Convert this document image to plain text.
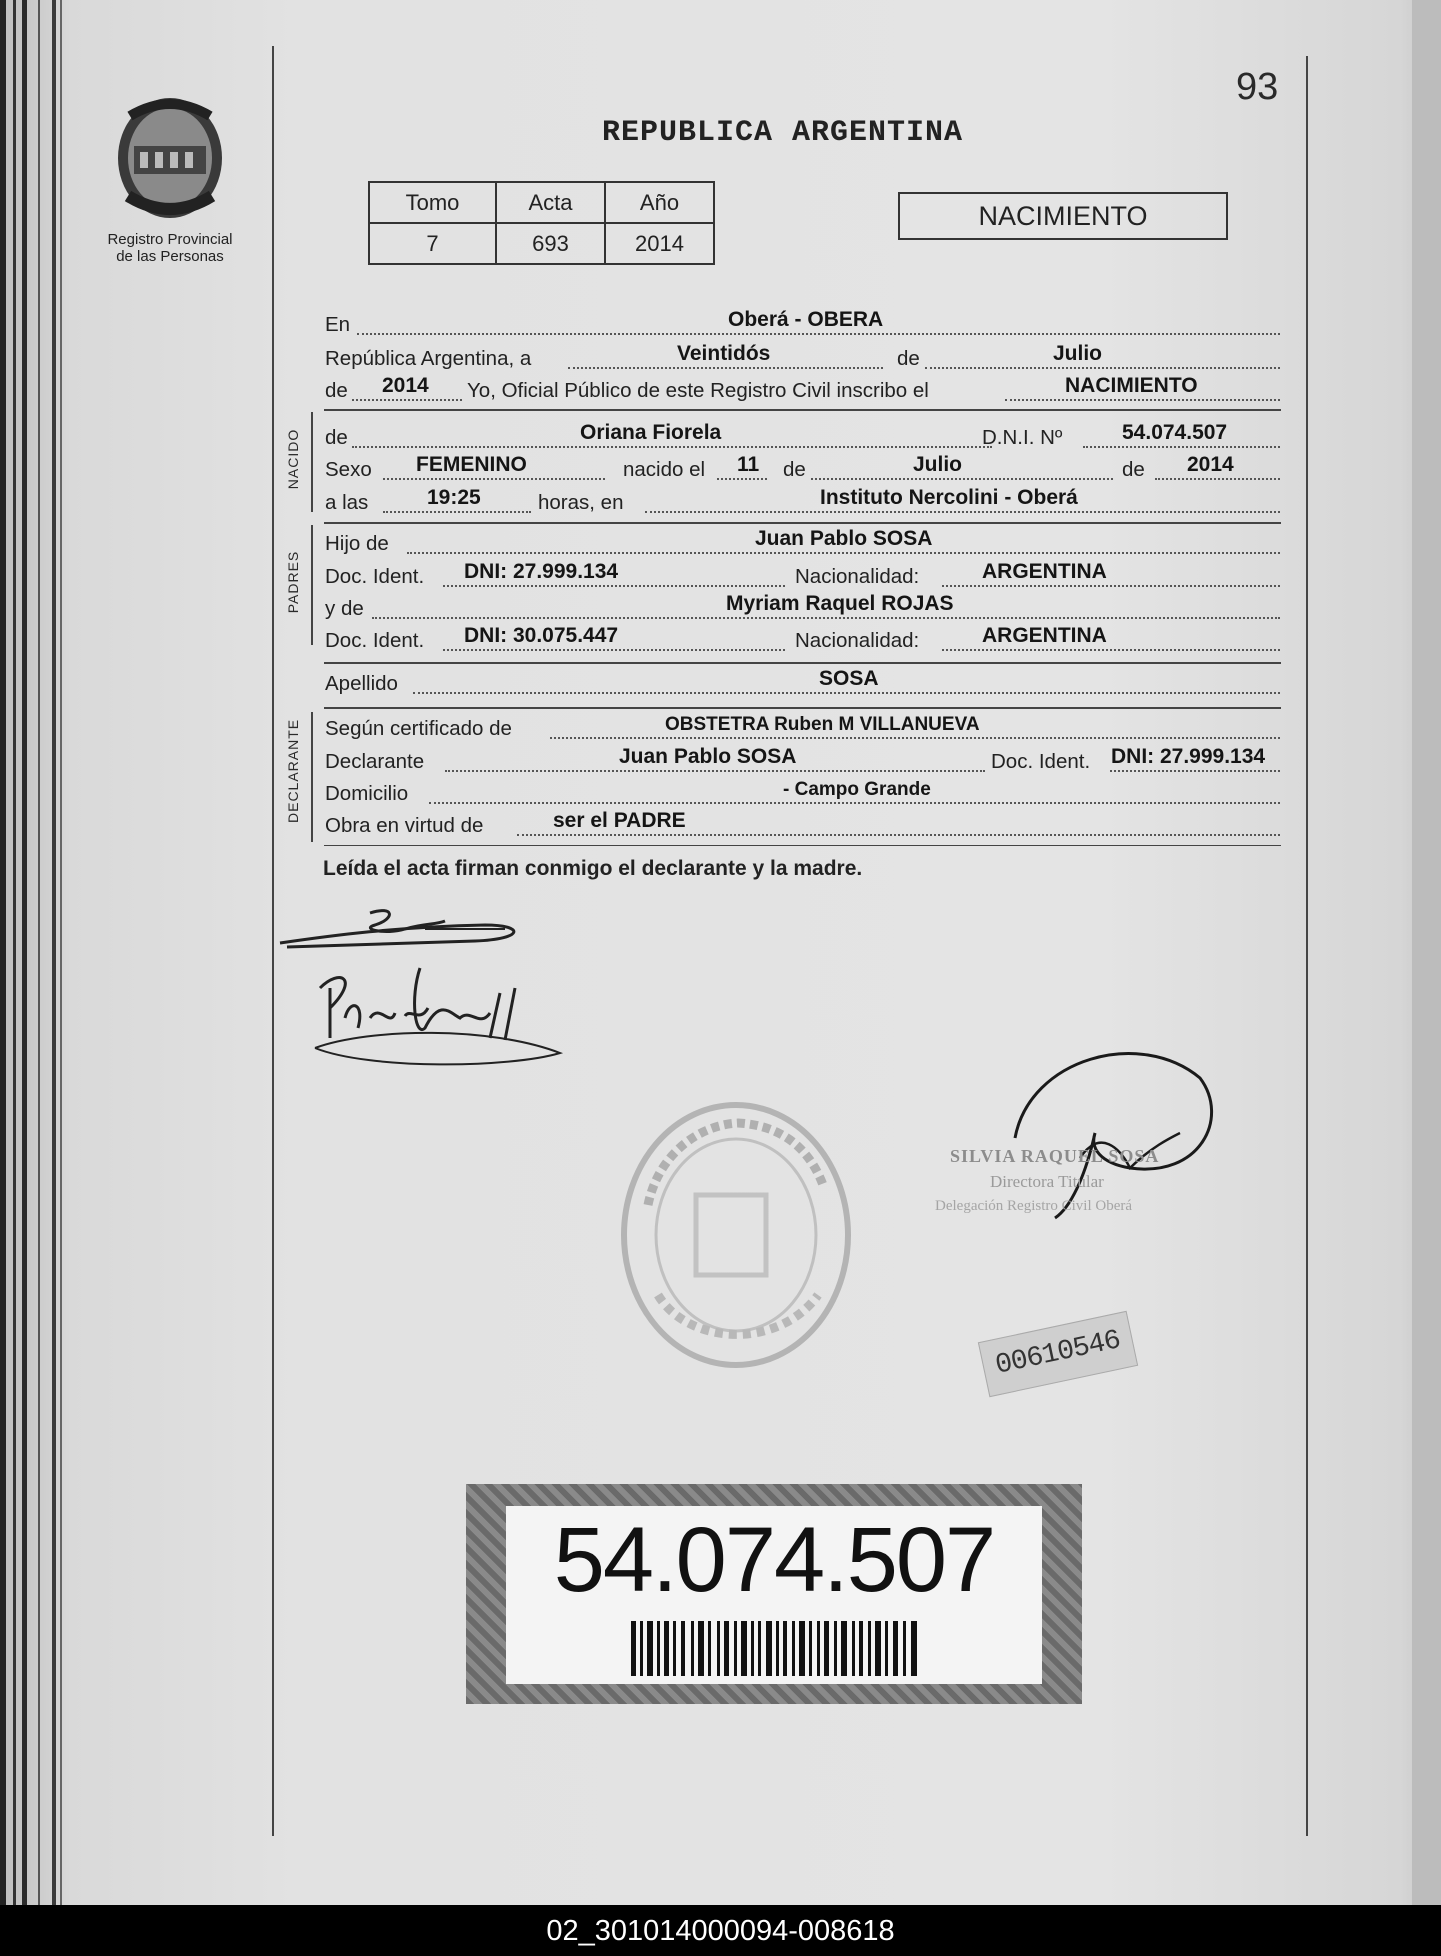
93
REPUBLICA ARGENTINA
Registro Provincial
de las Personas
Tomo	Acta	Año
7	693	2014
NACIMIENTO
En	Oberá - OBERA
República Argentina, a	Veintidós	de	Julio
de 2014 Yo, Oficial Público de este Registro Civil inscribo el	NACIMIENTO
NACIDO de	Oriana Fiorela	D.N.I. Nº	54.074.507
Sexo FEMENINO	nacido el 11 de	Julio	de 2014
a las	19:25	horas, en	Instituto Nercolini - Oberá
PADRES
Hijo de	Juan Pablo SOSA
Doc. Ident. DNI: 27.999.134	Nacionalidad:	ARGENTINA
y de	Myriam Raquel ROJAS
Doc. Ident. DNI: 30.075.447	Nacionalidad:	ARGENTINA
Apellido	SOSA
DECLARANTE Según certificado de	OBSTETRA Ruben M VILLANUEVA
Declarante	Juan Pablo SOSA	Doc. Ident. DNI: 27.999.134
Domicilio	- Campo Grande
Obra en virtud de	ser el PADRE
Leída el acta firman conmigo el declarante y la madre.
SILVIA RAQUEL SOSA
Directora Titular
Delegación Registro Civil Oberá
00610546
54.074.507
02_301014000094-008618
